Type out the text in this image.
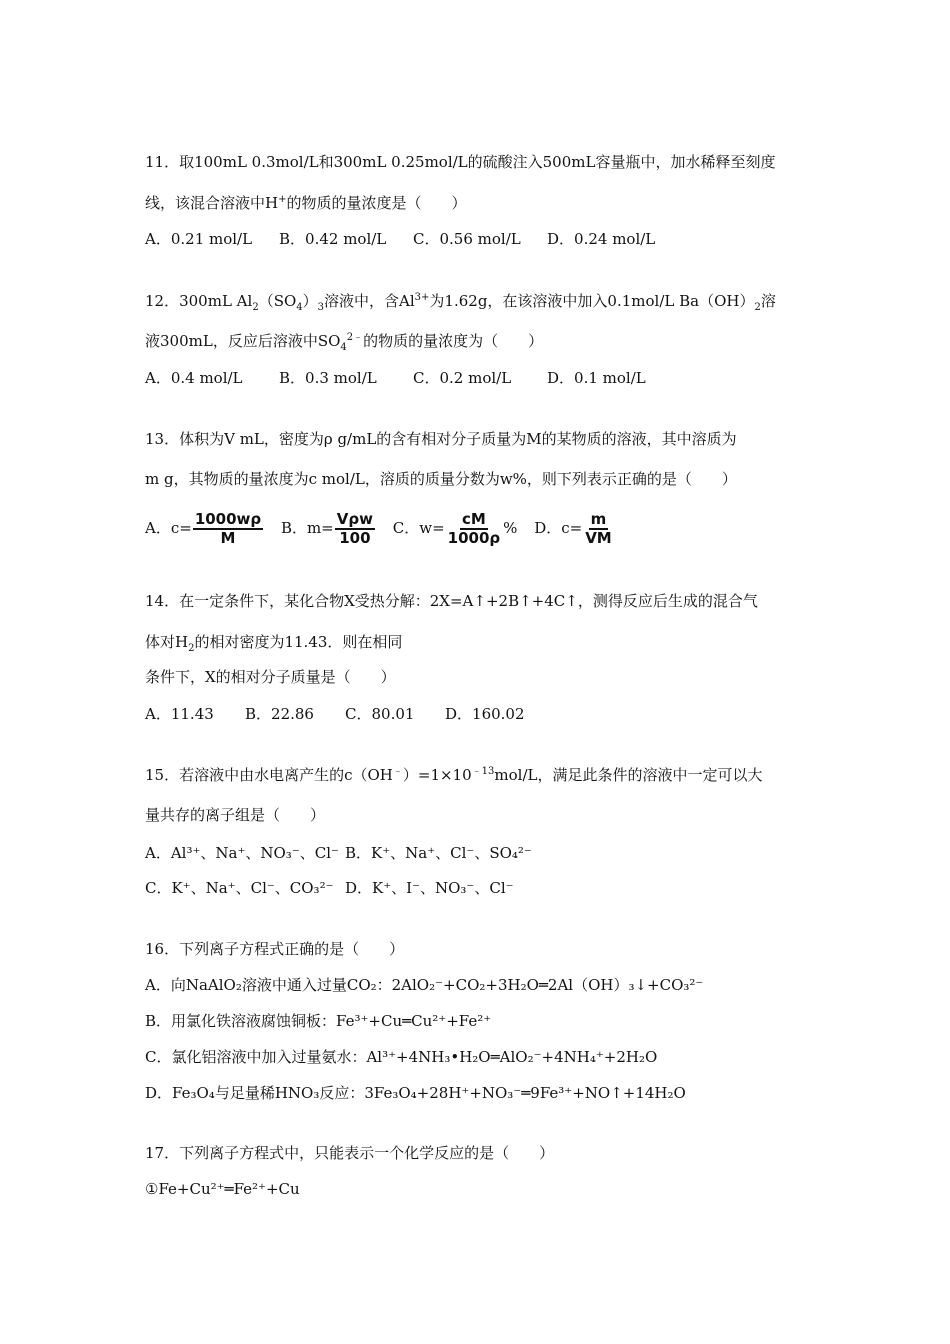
11．取100mL 0.3mol/L和300mL 0.25mol/L的硫酸注入500mL容量瓶中，加水稀释至刻度
线，该混合溶液中H+的物质的量浓度是（　　）
A．0.21 mol/L B．0.42 mol/L C．0.56 mol/L D．0.24 mol/L
12．300mL $Al_2(SO_4)_3$溶液中，含$Al^{3+}$为1.62g，在该溶液中加入0.1mol/L $Ba(OH)_2$溶
液300mL，反应后溶液中$SO_4^{2﹣}$的物质的量浓度为（　　）
A．0.4 mol/L B．0.3 mol/L C．0.2 mol/L D．0.1 mol/L
13．体积为V mL，密度为ρ g/mL的含有相对分子质量为M的某物质的溶液，其中溶质为
m g，其物质的量浓度为c mol/L，溶质的质量分数为w%，则下列表示正确的是（　　）
A．$c= \frac{1000w\rho}{M}$ B．$m= \frac{\text{Vρw}}{100}$ C．$w= \frac{cM}{1000\rho}$ % D．$c= \frac{m}{VM}$
14．在一定条件下，某化合物X受热分解：2X=A↑+2B↑+4C↑，测得反应后生成的混合气
体对$H_2$的相对密度为11.43．则在相同
条件下，X的相对分子质量是（　　）
A．11.43 B．22.86 C．80.01 D．160.02
15．若溶液中由水电离产生的$c(OH^﹣)=1\times 10^{﹣13}mol/L$，满足此条件的溶液中一定可以大
量共存的离子组是（　　）
A．Al³⁺、Na⁺、NO₃⁻、Cl⁻ B．K⁺、Na⁺、Cl⁻、SO₄²⁻
C．K⁺、Na⁺、Cl⁻、CO₃²⁻ D．K⁺、I⁻、NO₃⁻、Cl⁻
16．下列离子方程式正确的是（　　）
A．向NaAlO₂溶液中通入过量CO₂：2AlO₂⁻+CO₂+3H₂O═2Al（OH）₃↓+CO₃²⁻
B．用氯化铁溶液腐蚀铜板：Fe³⁺+Cu═Cu²⁺+Fe²⁺
C．氯化铝溶液中加入过量氨水：Al³⁺+4NH₃•H₂O═AlO₂⁻+4NH₄⁺+2H₂O
D．Fe₃O₄与足量稀HNO₃反应：3Fe₃O₄+28H⁺+NO₃⁻═9Fe³⁺+NO↑+14H₂O
17．下列离子方程式中，只能表示一个化学反应的是（　　）
①Fe+Cu²⁺═Fe²⁺+Cu
